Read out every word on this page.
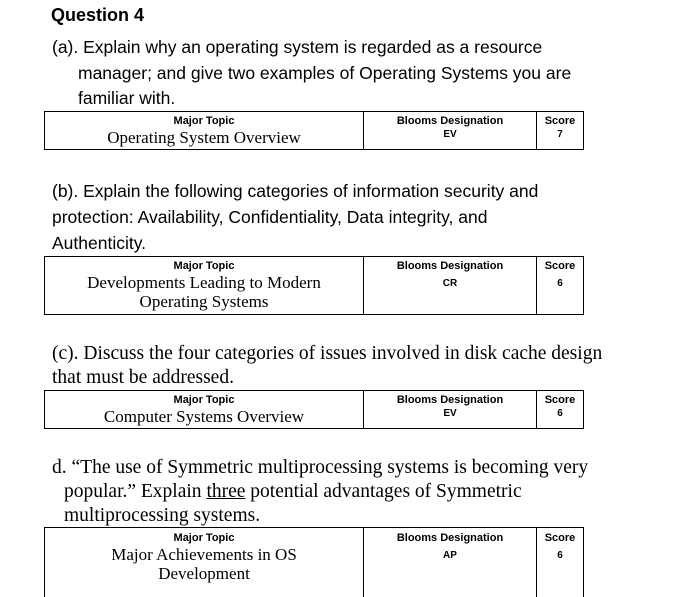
Question 4
(a). Explain why an operating system is regarded as a resource
manager; and give two examples of Operating Systems you are
familiar with.
Major Topic
Operating System Overview
Blooms Designation
EV
Score
7
(b). Explain the following categories of information security and
protection: Availability, Confidentiality, Data integrity, and
Authenticity.
Major Topic
Developments Leading to Modern
Operating Systems
Blooms Designation
CR
Score
6
(c). Discuss the four categories of issues involved in disk cache design
that must be addressed.
Major Topic
Computer Systems Overview
Blooms Designation
EV
Score
6
d. “The use of Symmetric multiprocessing systems is becoming very
popular.” Explain three potential advantages of Symmetric
multiprocessing systems.
Major Topic
Major Achievements in OS
Development
Blooms Designation
AP
Score
6
